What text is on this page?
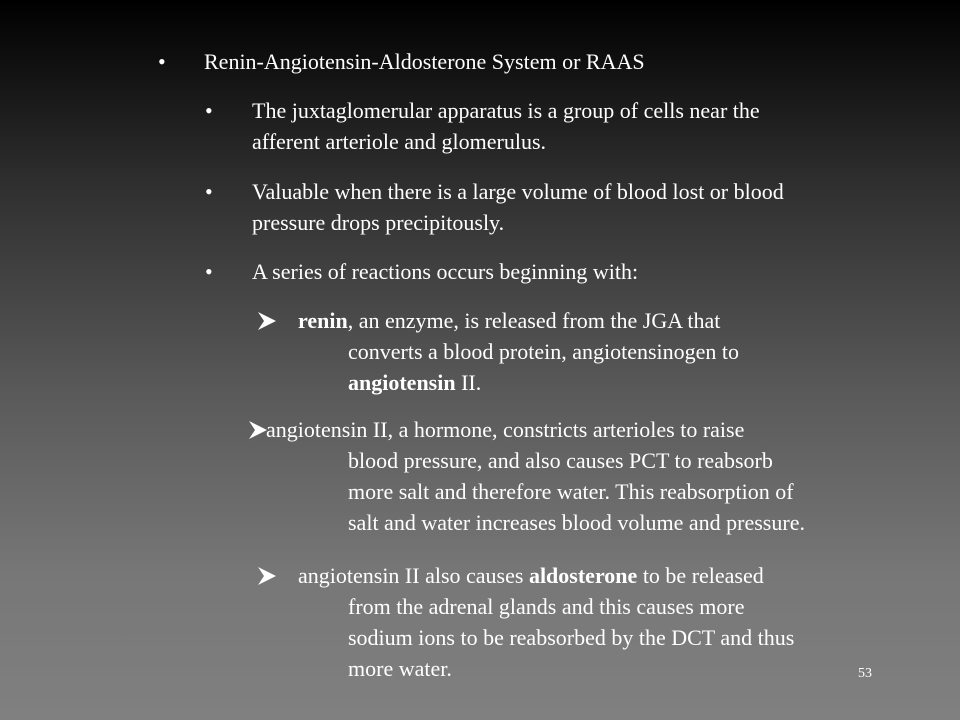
• Renin-Angiotensin-Aldosterone System or RAAS

• The juxtaglomerular apparatus is a group of cells near the
afferent arteriole and glomerulus.

• Valuable when there is a large volume of blood lost or blood
pressure drops precipitously.

• A series of reactions occurs beginning with:

renin, an enzyme, is released from the JGA that
converts a blood protein, angiotensinogen to
angiotensin II.

angiotensin II, a hormone, constricts arterioles to raise
blood pressure, and also causes PCT to reabsorb
more salt and therefore water. This reabsorption of
salt and water increases blood volume and pressure.

angiotensin II also causes aldosterone to be released
from the adrenal glands and this causes more
sodium ions to be reabsorbed by the DCT and thus
more water.	53
